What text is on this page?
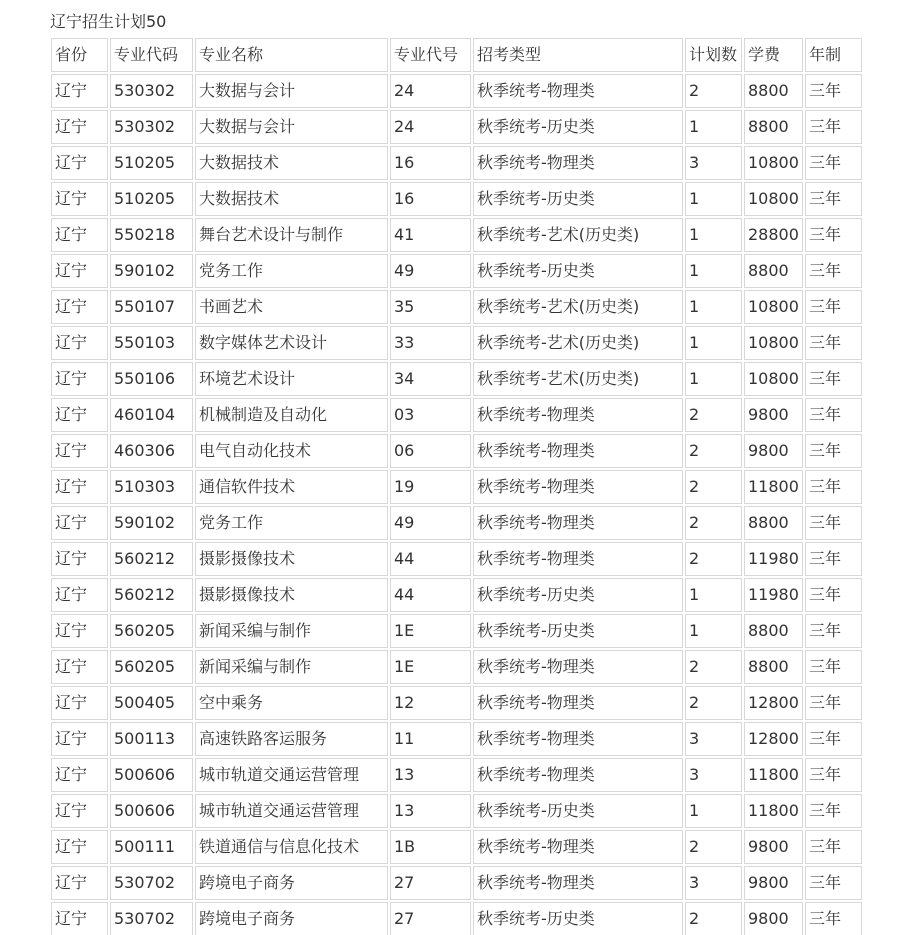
辽宁招生计划50
省份	专业代码	专业名称	专业代号	招考类型	计划数	学费	年制
辽宁	530302	大数据与会计	24	秋季统考-物理类	2	8800	三年
辽宁	530302	大数据与会计	24	秋季统考-历史类	1	8800	三年
辽宁	510205	大数据技术	16	秋季统考-物理类	3	10800	三年
辽宁	510205	大数据技术	16	秋季统考-历史类	1	10800	三年
辽宁	550218	舞台艺术设计与制作	41	秋季统考-艺术(历史类)	1	28800	三年
辽宁	590102	党务工作	49	秋季统考-历史类	1	8800	三年
辽宁	550107	书画艺术	35	秋季统考-艺术(历史类)	1	10800	三年
辽宁	550103	数字媒体艺术设计	33	秋季统考-艺术(历史类)	1	10800	三年
辽宁	550106	环境艺术设计	34	秋季统考-艺术(历史类)	1	10800	三年
辽宁	460104	机械制造及自动化	03	秋季统考-物理类	2	9800	三年
辽宁	460306	电气自动化技术	06	秋季统考-物理类	2	9800	三年
辽宁	510303	通信软件技术	19	秋季统考-物理类	2	11800	三年
辽宁	590102	党务工作	49	秋季统考-物理类	2	8800	三年
辽宁	560212	摄影摄像技术	44	秋季统考-物理类	2	11980	三年
辽宁	560212	摄影摄像技术	44	秋季统考-历史类	1	11980	三年
辽宁	560205	新闻采编与制作	1E	秋季统考-历史类	1	8800	三年
辽宁	560205	新闻采编与制作	1E	秋季统考-物理类	2	8800	三年
辽宁	500405	空中乘务	12	秋季统考-物理类	2	12800	三年
辽宁	500113	高速铁路客运服务	11	秋季统考-物理类	3	12800	三年
辽宁	500606	城市轨道交通运营管理	13	秋季统考-物理类	3	11800	三年
辽宁	500606	城市轨道交通运营管理	13	秋季统考-历史类	1	11800	三年
辽宁	500111	铁道通信与信息化技术	1B	秋季统考-物理类	2	9800	三年
辽宁	530702	跨境电子商务	27	秋季统考-物理类	3	9800	三年
辽宁	530702	跨境电子商务	27	秋季统考-历史类	2	9800	三年
